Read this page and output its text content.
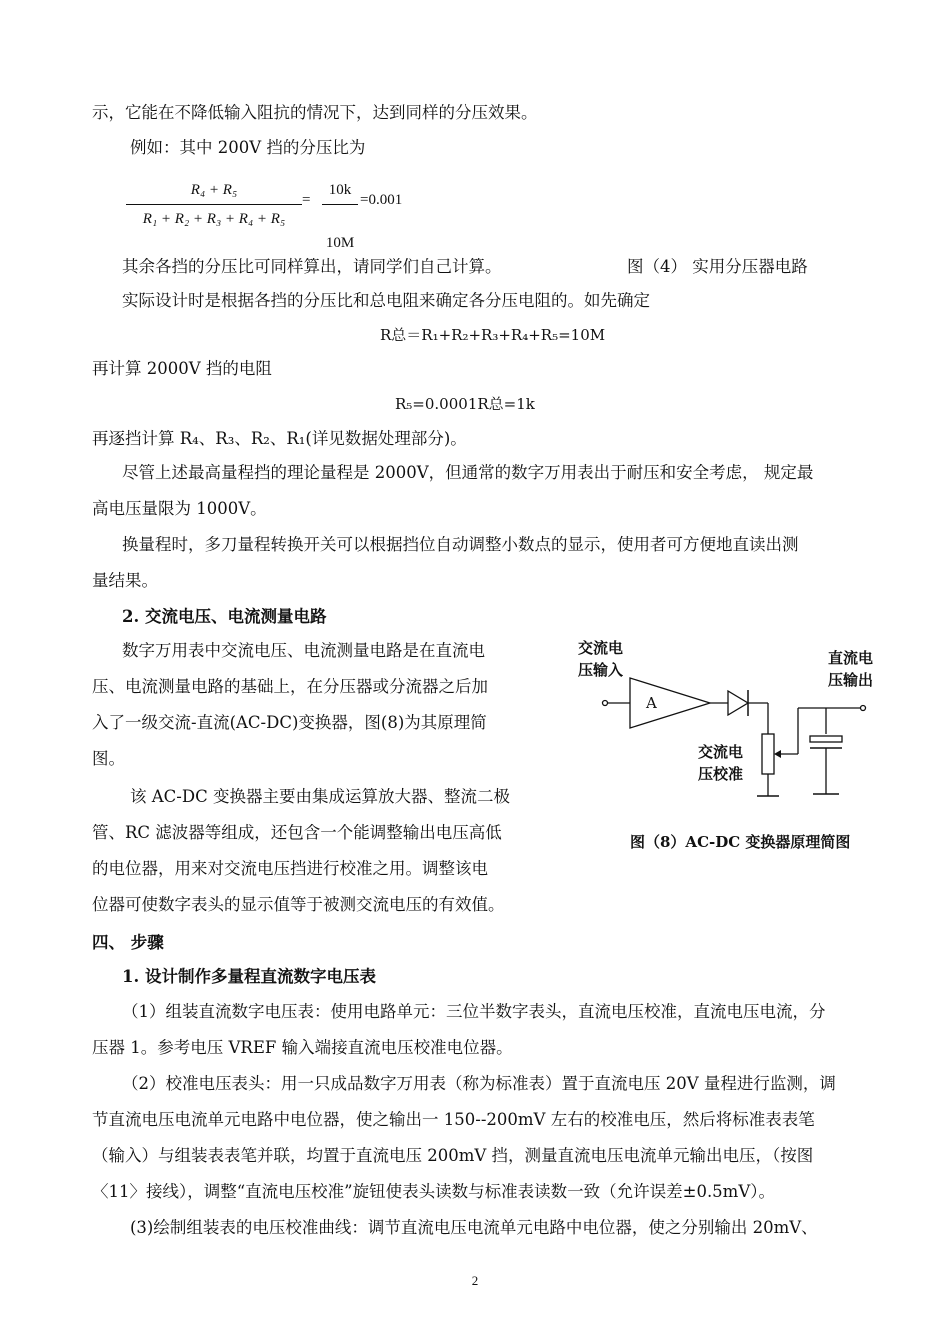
示，它能在不降低输入阻抗的情况下，达到同样的分压效果。
例如：其中 200V 挡的分压比为
R₄ + R₅
R₁ + R₂ + R₃ + R₄ + R₅
=
10k
10M
=0.001
其余各挡的分压比可同样算出，请同学们自己计算。	图（4） 实用分压器电路
实际设计时是根据各挡的分压比和总电阻来确定各分压电阻的。如先确定
R总＝R₁+R₂+R₃+R₄+R₅=10M
再计算 2000V 挡的电阻
R₅=0.0001R总=1k
再逐挡计算 R₄、R₃、R₂、R₁(详见数据处理部分)。
尽管上述最高量程挡的理论量程是 2000V，但通常的数字万用表出于耐压和安全考虑， 规定最
高电压量限为 1000V。
换量程时，多刀量程转换开关可以根据挡位自动调整小数点的显示，使用者可方便地直读出测
量结果。
2. 交流电压、电流测量电路
数字万用表中交流电压、电流测量电路是在直流电
压、电流测量电路的基础上，在分压器或分流器之后加
入了一级交流-直流(AC-DC)变换器，图(8)为其原理简
图。
该 AC-DC 变换器主要由集成运算放大器、整流二极
管、RC 滤波器等组成，还包含一个能调整输出电压高低
的电位器，用来对交流电压挡进行校准之用。调整该电
位器可使数字表头的显示值等于被测交流电压的有效值。
A
交流电
压输入
直流电
压输出
交流电
压校准
图（8）AC-DC 变换器原理简图
四、 步骤
1. 设计制作多量程直流数字电压表
（1）组装直流数字电压表：使用电路单元：三位半数字表头，直流电压校准，直流电压电流，分
压器 1。参考电压 VREF 输入端接直流电压校准电位器。
（2）校准电压表头：用一只成品数字万用表（称为标准表）置于直流电压 20V 量程进行监测，调
节直流电压电流单元电路中电位器，使之输出一 150--200mV 左右的校准电压，然后将标准表表笔
（输入）与组装表表笔并联，均置于直流电压 200mV 挡，测量直流电压电流单元输出电压，（按图
〈11〉接线），调整“直流电压校准”旋钮使表头读数与标准表读数一致（允许误差±0.5mV）。
(3)绘制组装表的电压校准曲线：调节直流电压电流单元电路中电位器，使之分别输出 20mV、
2
